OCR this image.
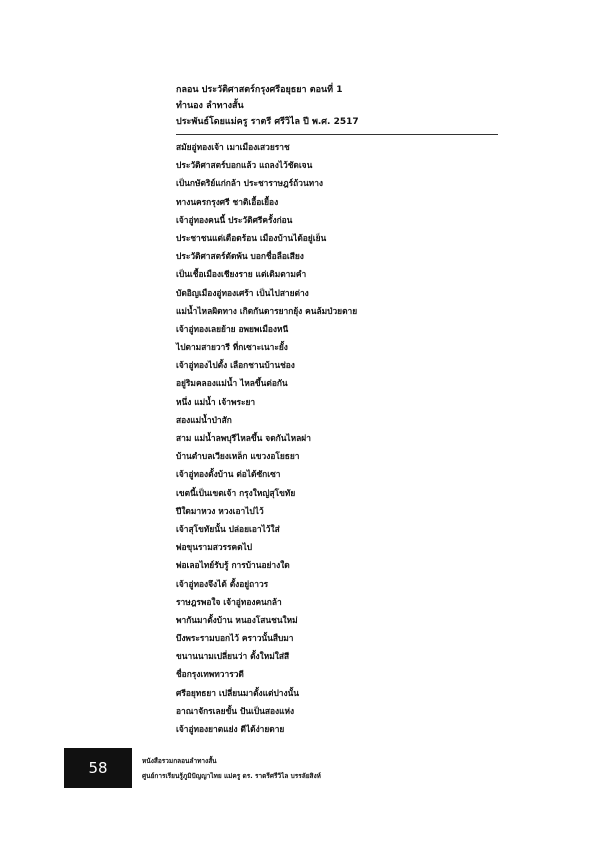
กลอน ประวัติศาสตร์กรุงศรีอยุธยา ตอนที่ 1
ทำนอง ลำทางสั้น
ประพันธ์โดยแม่ครู ราตรี ศรีวิไล ปี พ.ศ. 2517
สมัยอู่ทองเจ้า เมาเมืองเสวยราช
ประวัติศาสตร์บอกแล้ว แถลงไว้ชัดเจน
เป็นกษัตริย์แก่กล้า ประชาราษฎร์ถ้วนทาง
ทางนครกรุงศรี ชาติเอื้อเยื้อง
เจ้าอู่ทองคนนี้ ประวัติศรีครั้งก่อน
ประชาชนแต่เดือดร้อน เมืองบ้านได้อยู่เย็น
ประวัติศาสตร์ตัดพ้น บอกชื่อลือเสียง
เป็นเชื้อเมืองเชียงราย แต่เดิมตามคำ
บัดอิญเมืองอู่ทองเศร้า เป็นไปสายต่าง
แม่น้ำไหลผิดทาง เกิดกันดารยากยุ้ง คนล้มป่วยตาย
เจ้าอู่ทองเลยย้าย อพยพเมืองหนี
ไปตามสายวารี ที่กเซาะเนาะยั้ง
เจ้าอู่ทองไปตั้ง เลือกชานบ้านช่อง
อยู่ริมคลองแม่น้ำ ไหลขึ้นต่อกัน
หนึ่ง แม่น้ำ เจ้าพระยา
สองแม่น้ำป่าสัก
สาม แม่น้ำลพบุรีไหลขึ้น จดกันไหลผ่า
บ้านตำบลเวียงเหล็ก แขวงอโยธยา
เจ้าอู่ทองตั้งบ้าน ต่อได้ซักเซา
เขตนี้เป็นเขตเจ้า กรุงใหญ่สุโขทัย
ปีใดมาหวง หวงเอาไปไว้
เจ้าสุโขทัยนั้น ปล่อยเอาไว้ใส่
พ่อขุนรามสวรรคตไป
พ่อเลอไทย์รับรู้ การบ้านอย่างใด
เจ้าอู่ทองจึงได้ ตั้งอยู่ถาวร
ราษฎรพอใจ เจ้าอู่ทองคนกล้า
พากันมาตั้งบ้าน หนองโสนชนใหม่
บึงพระรามบอกไว้ คราวนั้นสืบมา
ขนานนามเปลี่ยนว่า ตั้งใหม่ใส่สี
ชื่อกรุงเทพทวารวดี
ศรีอยุทธยา เปลี่ยนมาตั้งแต่ปางนั้น
อาณาจักรเลยขั้น ปันเป็นสองแห่ง
เจ้าอู่ทองยาตแย่ง ดีได้ง่ายดาย
58	หนังสือรวมกลอนลำทางสั้น
ศูนย์การเรียนรู้ภูมิปัญญาไทย แม่ครู ดร. ราตรีศรีวิไล บรรลัยสิงห์
